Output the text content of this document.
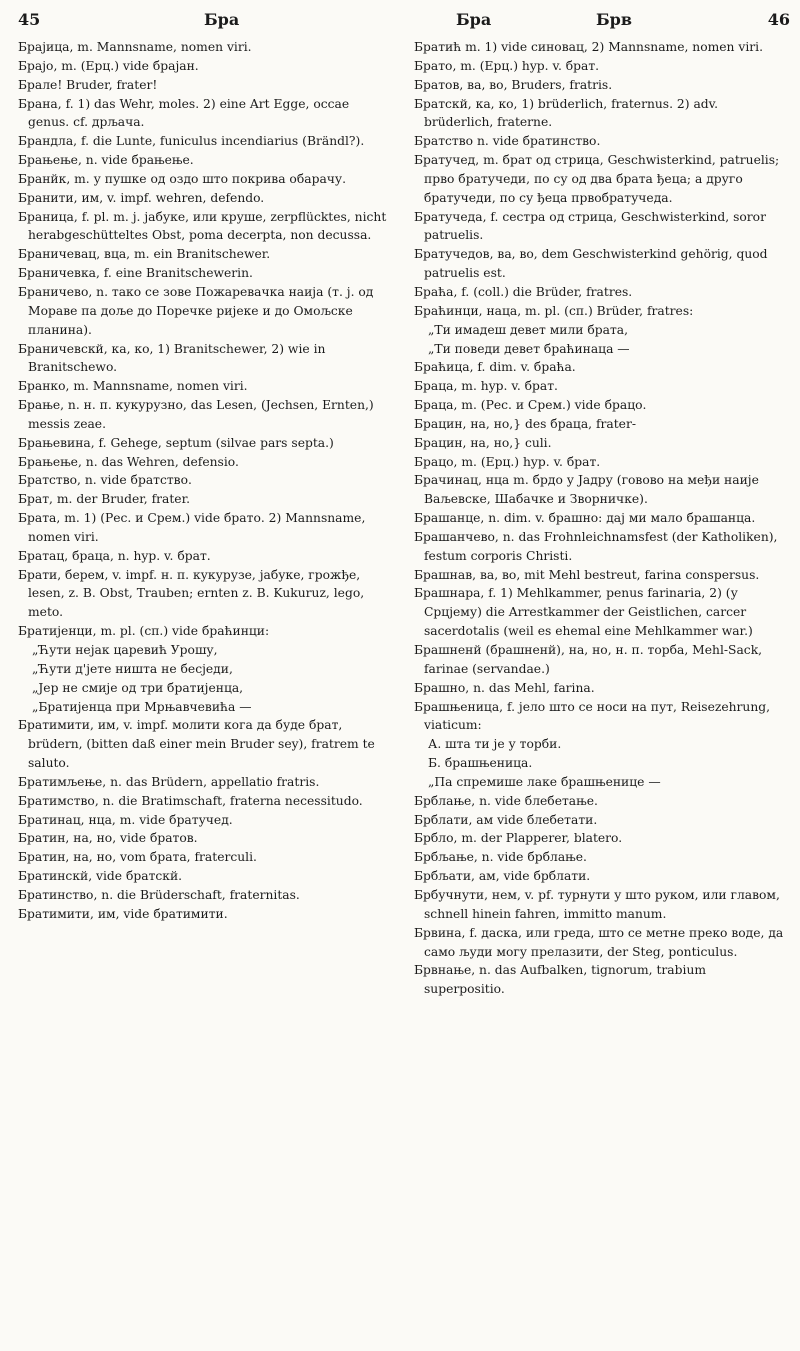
45	Бра	Бра	Брв	46

Брајица, m. Mannsname, nomen viri.

Брајо, m. (Ерц.) vide брајан.

Брале! Bruder, frater!

Брана, f. 1) das Wehr, moles. 2) eine Art Egge, occae genus. cf. дрљача.

Брандла, f. die Lunte, funiculus incendiarius (Brändl?).

Брањење, n. vide брањење.

Бранйк, m. у пушке од оздо што покрива обарачу.

Бранити, им, v. impf. wehren, defendo.

Браница, f. pl. m. j. јабуке, или круше, zerpflücktes, nicht herabgeschütteltes Obst, poma decerpta, non decussa.

Браничевац, вца, m. ein Branitschewer.

Браничевка, f. eine Branitschewerin.

Браничево, n. тако се зове Пожаревачка наија (т. ј. од Мораве па доље до Поречке ријеке и до Омољске планина).

Браничевскй, ка, ко, 1) Branitschewer, 2) wie in Branitschewo.

Бранко, m. Mannsname, nomen viri.

Брање, n. н. п. кукурузно, das Lesen, (Jechsen, Ernten,) messis zeae.

Брањевина, f. Gehege, septum (silvae pars septa.)

Брањење, n. das Wehren, defensio.

Братство, n. vide братство.

Брат, m. der Bruder, frater.

Брата, m. 1) (Рес. и Срем.) vide брато. 2) Mannsname, nomen viri.

Братац, браца, n. hyp. v. брат.

Брати, берем, v. impf. н. п. кукурузе, јабуке, грожђе, lesen, z. B. Obst, Trauben; ernten z. B. Kukuruz, lego, meto.

Братијенци, m. pl. (сп.) vide браћинци:

„Ћути нејак царевић Урошу,

„Ћути д'јете ништа не бесједи,

„Јер не смије од три братијенца,

„Братијенца при Мрњавчевића —

Братимити, им, v. impf. молити кога да буде брат, brüdern, (bitten daß einer mein Bruder sey), fratrem te saluto.

Братимљење, n. das Brüdern, appellatio fratris.

Братимство, n. die Bratimschaft, fraterna necessitudo.

Братинац, нца, m. vide братучед.

Братин, на, но, vide братов.

Братин, на, но, vom брата, fraterculi.

Братинскй, vide братскй.

Братинство, n. die Brüderschaft, fraternitas.

Братимити, им, vide братимити.

Братић m. 1) vide синовац, 2) Mannsname, nomen viri.

Брато, m. (Ерц.) hyp. v. брат.

Братов, ва, во, Bruders, fratris.

Братскй, ка, ко, 1) brüderlich, fraternus. 2) adv. brüderlich, fraterne.

Братство n. vide братинство.

Братучед, m. брат од стрица, Geschwisterkind, patruelis; прво братучеди, по су од два брата ђеца; а друго братучеди, по су ђеца првобратучеда.

Братучеда, f. сестра од стрица, Geschwisterkind, soror patruelis.

Братучедов, ва, во, dem Geschwisterkind gehörig, quod patruelis est.

Браћа, f. (coll.) die Brüder, fratres.

Браћинци, наца, m. pl. (сп.) Brüder, fratres:

„Ти имадеш девет мили брата,

„Ти поведи девет браћинаца —

Браћица, f. dim. v. браћа.

Браца, m. hyp. v. брат.

Браца, m. (Рес. и Срем.) vide брацо.

Брацин, на, но,} des браца, frater-

Брацин, на, но,} culi.

Брацо, m. (Ерц.) hyp. v. брат.

Брачинац, нца m. брдо у Јадру (говово на међи наије Ваљевске, Шабачке и Зворничке).

Брашанце, n. dim. v. брашно: дај ми мало брашанца.

Брашанчево, n. das Frohnleichnamsfest (der Katholiken), festum corporis Christi.

Брашнав, ва, во, mit Mehl bestreut, farina conspersus.

Брашнара, f. 1) Mehlkammer, penus farinaria, 2) (у Срцјему) die Arrestkammer der Geistlichen, carcer sacerdotalis (weil es ehemal eine Mehlkammer war.)

Брашненй (брашненй), на, но, н. п. торба, Mehl-Sack, farinae (servandae.)

Брашно, n. das Mehl, farina.

Брашњеница, f. јело што се носи на пут, Reisezehrung, viaticum:

А. шта ти је у торби.

Б. брашњеница.

„Па спремише лаке брашњенице —

Брблање, n. vide блебетање.

Брблати, ам vide блебетати.

Брбло, m. der Plapperer, blatero.

Брбљање, n. vide брблање.

Брбљати, ам, vide брблати.

Брбучнути, нем, v. pf. турнути у што руком, или главом, schnell hinein fahren, immitto manum.

Брвина, f. даска, или греда, што се метне преко воде, да само људи могу прелазити, der Steg, ponticulus.

Брвнање, n. das Aufbalken, tignorum, trabium superpositio.
